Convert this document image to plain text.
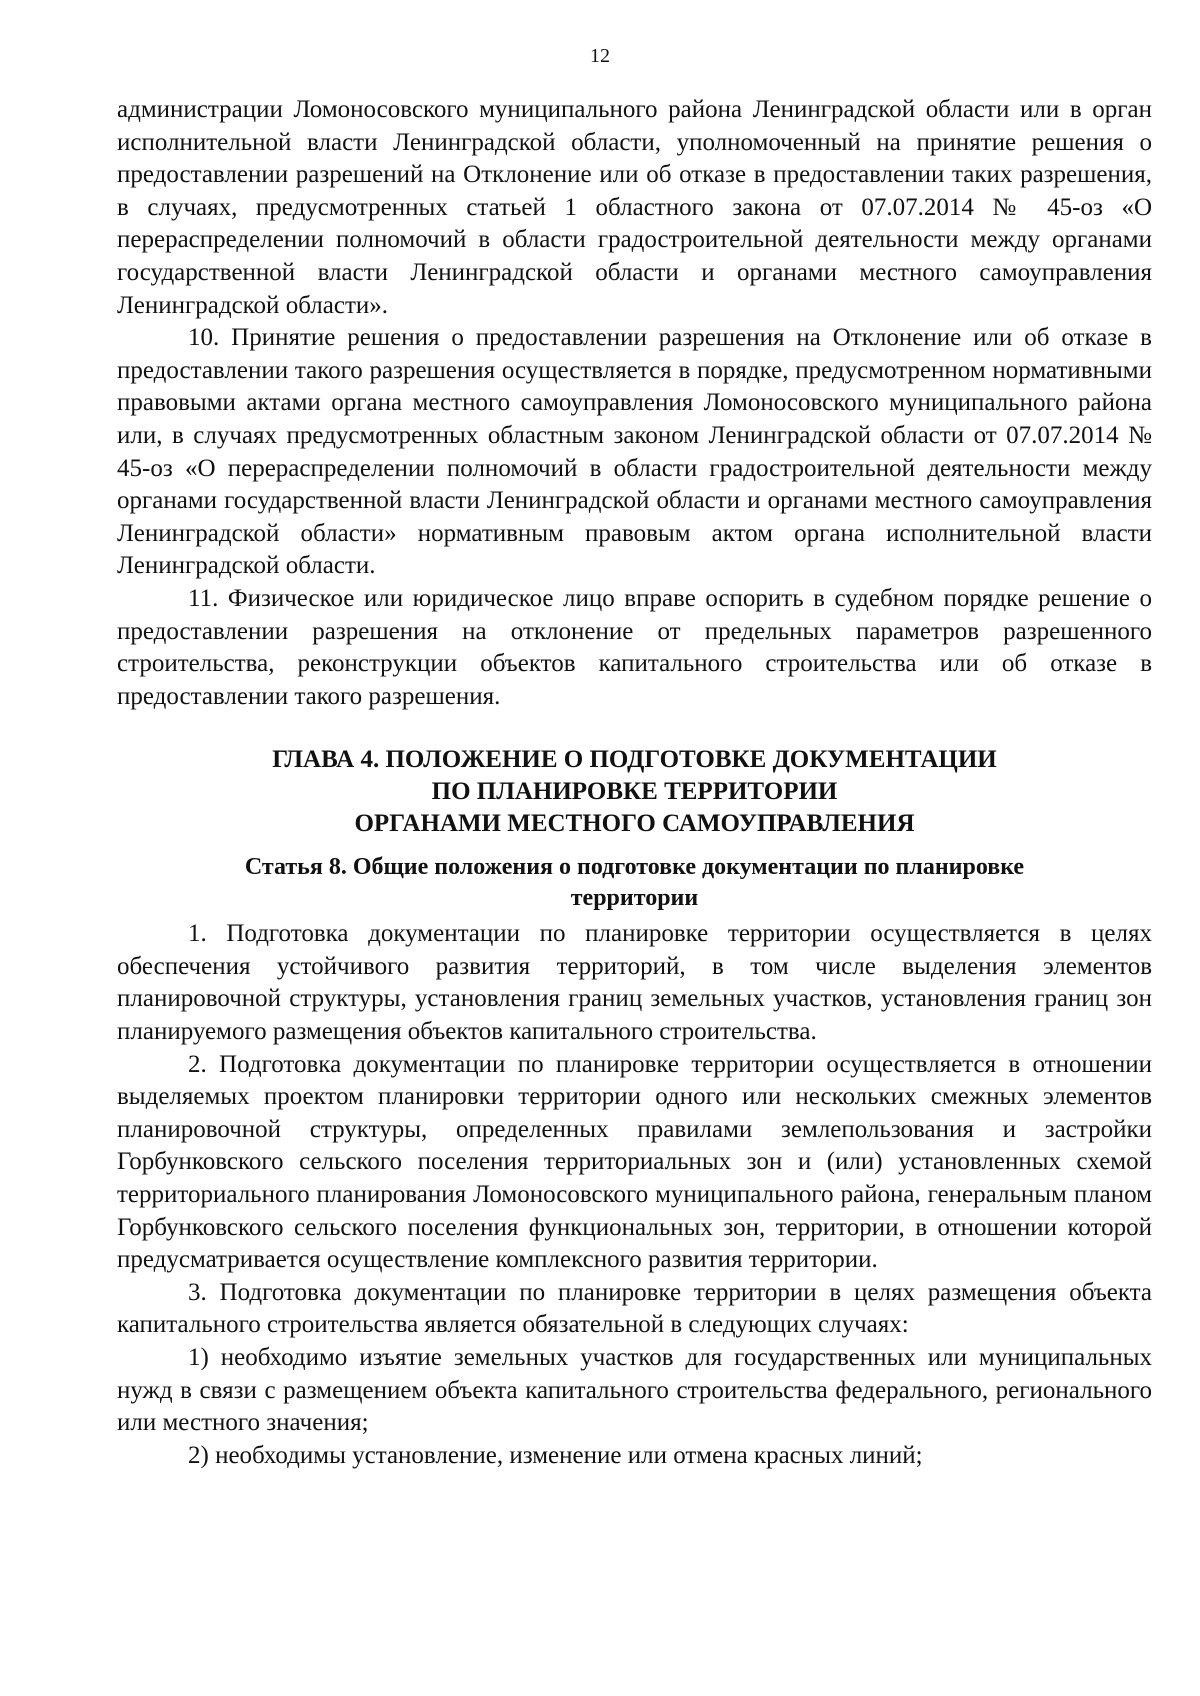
12

администрации Ломоносовского муниципального района Ленинградской области или в орган исполнительной власти Ленинградской области, уполномоченный на принятие решения о предоставлении разрешений на Отклонение или об отказе в предоставлении таких разрешения, в случаях, предусмотренных статьей 1 областного закона от 07.07.2014 № 45-оз «О перераспределении полномочий в области градостроительной деятельности между органами государственной власти Ленинградской области и органами местного самоуправления Ленинградской области».

10. Принятие решения о предоставлении разрешения на Отклонение или об отказе в предоставлении такого разрешения осуществляется в порядке, предусмотренном нормативными правовыми актами органа местного самоуправления Ломоносовского муниципального района или, в случаях предусмотренных областным законом Ленинградской области от 07.07.2014 № 45-оз «О перераспределении полномочий в области градостроительной деятельности между органами государственной власти Ленинградской области и органами местного самоуправления Ленинградской области» нормативным правовым актом органа исполнительной власти Ленинградской области.

11. Физическое или юридическое лицо вправе оспорить в судебном порядке решение о предоставлении разрешения на отклонение от предельных параметров разрешенного строительства, реконструкции объектов капитального строительства или об отказе в предоставлении такого разрешения.

ГЛАВА 4. ПОЛОЖЕНИЕ О ПОДГОТОВКЕ ДОКУМЕНТАЦИИ
ПО ПЛАНИРОВКЕ ТЕРРИТОРИИ
ОРГАНАМИ МЕСТНОГО САМОУПРАВЛЕНИЯ
Статья 8. Общие положения о подготовке документации по планировке
территории

1. Подготовка документации по планировке территории осуществляется в целях обеспечения устойчивого развития территорий, в том числе выделения элементов планировочной структуры, установления границ земельных участков, установления границ зон планируемого размещения объектов капитального строительства.

2. Подготовка документации по планировке территории осуществляется в отношении выделяемых проектом планировки территории одного или нескольких смежных элементов планировочной структуры, определенных правилами землепользования и застройки Горбунковского сельского поселения территориальных зон и (или) установленных схемой территориального планирования Ломоносовского муниципального района, генеральным планом Горбунковского сельского поселения функциональных зон, территории, в отношении которой предусматривается осуществление комплексного развития территории.

3. Подготовка документации по планировке территории в целях размещения объекта капитального строительства является обязательной в следующих случаях:

1) необходимо изъятие земельных участков для государственных или муниципальных нужд в связи с размещением объекта капитального строительства федерального, регионального или местного значения;

2) необходимы установление, изменение или отмена красных линий;
